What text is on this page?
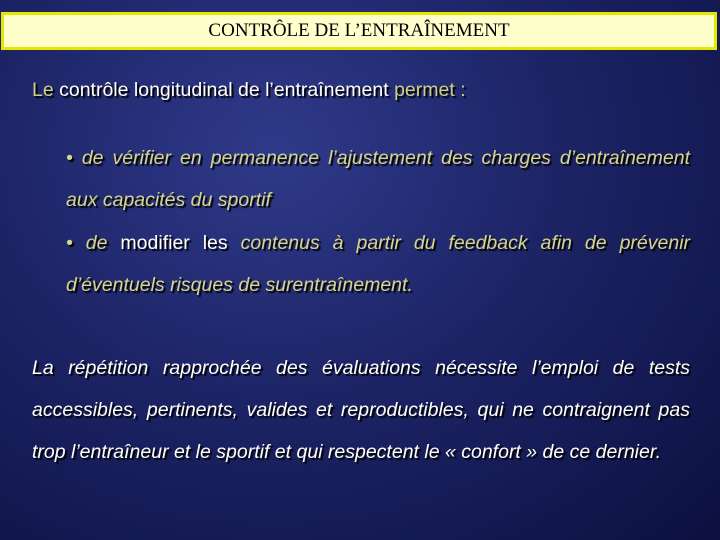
CONTRÔLE DE L’ENTRAÎNEMENT

Le contrôle longitudinal de l’entraînement permet :

• de vérifier en permanence l’ajustement des charges d’entraînement aux capacités du sportif

• de modifier les contenus à partir du feedback afin de prévenir d’éventuels risques de surentraînement.

La répétition rapprochée des évaluations nécessite l’emploi de tests accessibles, pertinents, valides et reproductibles, qui ne contraignent pas trop l’entraîneur et le sportif et qui respectent le « confort » de ce dernier.
